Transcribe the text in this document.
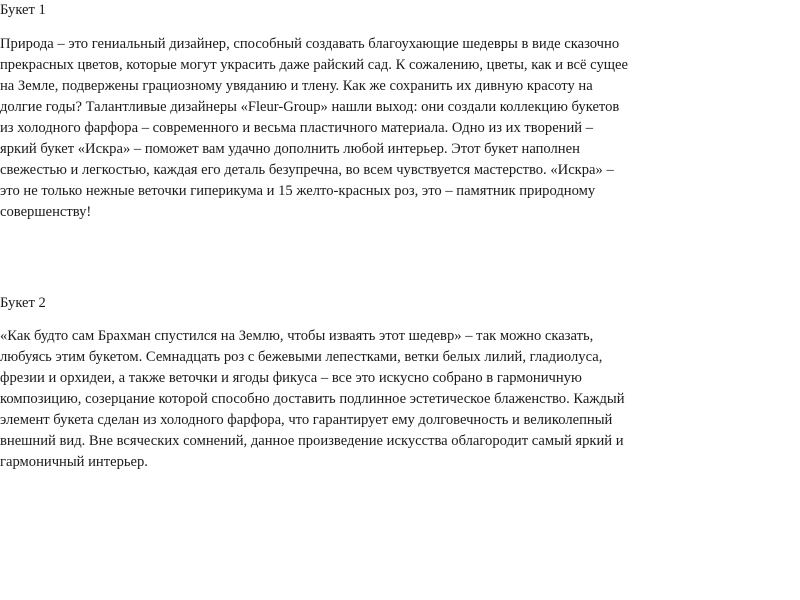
Букет 1

Природа – это гениальный дизайнер, способный создавать благоухающие шедевры в виде сказочно прекрасных цветов, которые могут украсить даже райский сад. К сожалению, цветы, как и всё сущее на Земле, подвержены грациозному увяданию и тлену. Как же сохранить их дивную красоту на долгие годы? Талантливые дизайнеры «Fleur-Group» нашли выход: они создали коллекцию букетов из холодного фарфора – современного и весьма пластичного материала. Одно из их творений – яркий букет «Искра» – поможет вам удачно дополнить любой интерьер. Этот букет наполнен свежестью и легкостью, каждая его деталь безупречна, во всем чувствуется мастерство. «Искра» – это не только нежные веточки гиперикума и 15 желто-красных роз, это – памятник природному совершенству!

Букет 2

«Как будто сам Брахман спустился на Землю, чтобы изваять этот шедевр» – так можно сказать, любуясь этим букетом. Семнадцать роз с бежевыми лепестками, ветки белых лилий, гладиолуса, фрезии и орхидеи, а также веточки и ягоды фикуса – все это искусно собрано в гармоничную композицию, созерцание которой способно доставить подлинное эстетическое блаженство. Каждый элемент букета сделан из холодного фарфора, что гарантирует ему долговечность и великолепный внешний вид. Вне всяческих сомнений, данное произведение искусства облагородит самый яркий и гармоничный интерьер.
